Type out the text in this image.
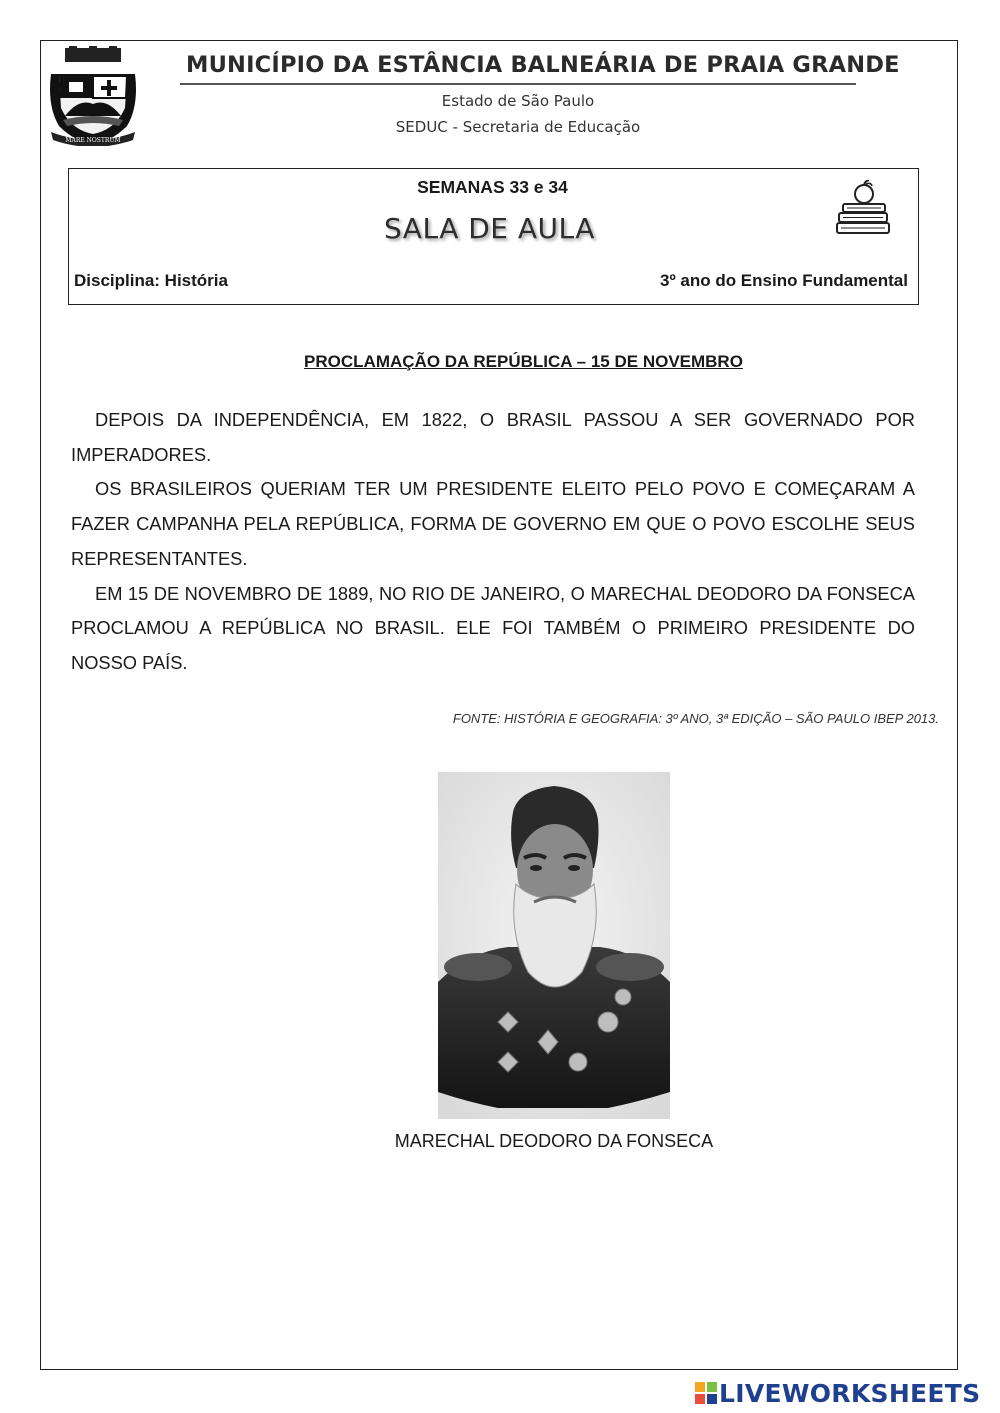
MARE NOSTRUM
MUNICÍPIO DA ESTÂNCIA BALNEÁRIA DE PRAIA GRANDE
Estado de São Paulo
SEDUC - Secretaria de Educação
SEMANAS 33 e 34
SALA DE AULA
Disciplina: História	3º ano do Ensino Fundamental
PROCLAMAÇÃO DA REPÚBLICA – 15 DE NOVEMBRO

DEPOIS DA INDEPENDÊNCIA, EM 1822, O BRASIL PASSOU A SER GOVERNADO POR IMPERADORES.

OS BRASILEIROS QUERIAM TER UM PRESIDENTE ELEITO PELO POVO E COMEÇARAM A FAZER CAMPANHA PELA REPÚBLICA, FORMA DE GOVERNO EM QUE O POVO ESCOLHE SEUS REPRESENTANTES.

EM 15 DE NOVEMBRO DE 1889, NO RIO DE JANEIRO, O MARECHAL DEODORO DA FONSECA PROCLAMOU A REPÚBLICA NO BRASIL. ELE FOI TAMBÉM O PRIMEIRO PRESIDENTE DO NOSSO PAÍS.

FONTE: HISTÓRIA E GEOGRAFIA: 3º ANO, 3ª EDIÇÃO – SÃO PAULO IBEP 2013.
MARECHAL DEODORO DA FONSECA
LIVEWORKSHEETS
